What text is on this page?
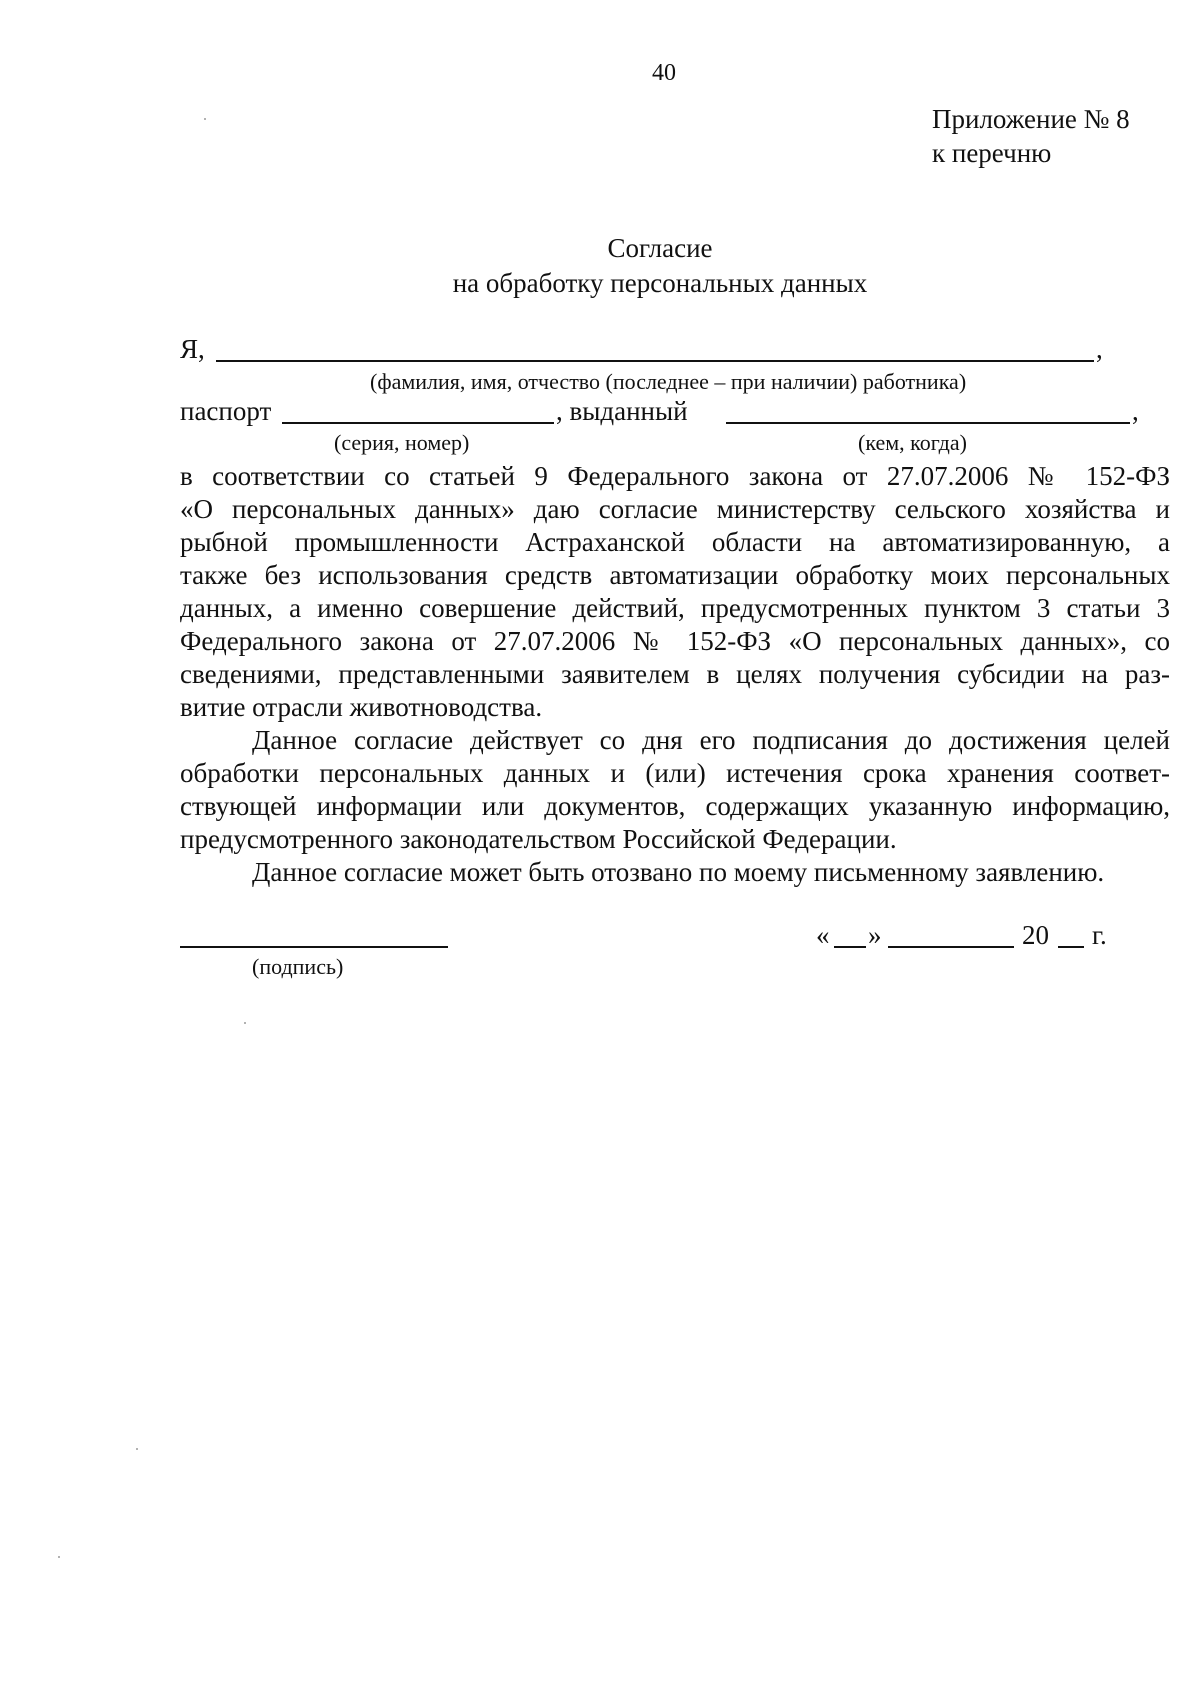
40
Приложение № 8
к перечню
Согласие
на обработку персональных данных
Я,	,
(фамилия, имя, отчество (последнее – при наличии) работника)
паспорт	, выданный	,
(серия, номер)	(кем, когда)
в соответствии со статьей 9 Федерального закона от 27.07.2006 № 152-ФЗ
«О персональных данных» даю согласие министерству сельского хозяйства и
рыбной промышленности Астраханской области на автоматизированную, а
также без использования средств автоматизации обработку моих персональных
данных, а именно совершение действий, предусмотренных пунктом 3 статьи 3
Федерального закона от 27.07.2006 № 152-ФЗ «О персональных данных», со
сведениями, представленными заявителем в целях получения субсидии на раз-
витие отрасли животноводства.
Данное согласие действует со дня его подписания до достижения целей
обработки персональных данных и (или) истечения срока хранения соответ-
ствующей информации или документов, содержащих указанную информацию,
предусмотренного законодательством Российской Федерации.
Данное согласие может быть отозвано по моему письменному заявлению.
(подпись)
« »	20 г.
